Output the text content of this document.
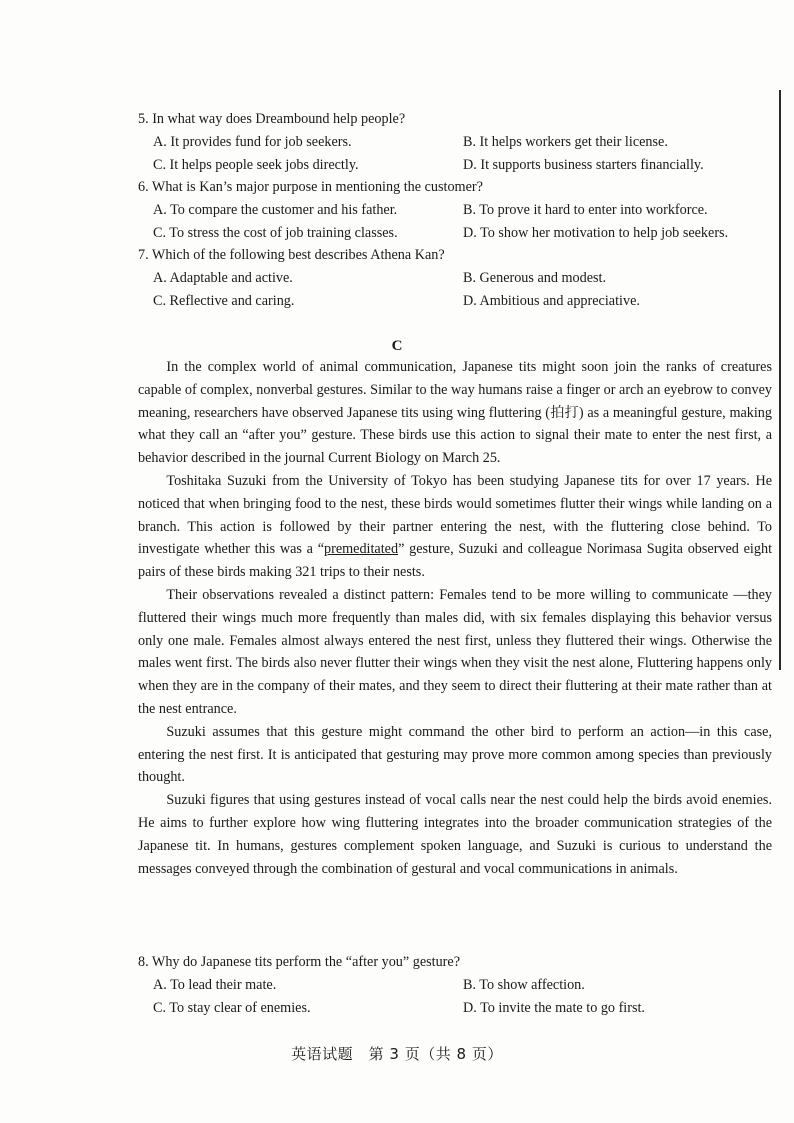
5. In what way does Dreambound help people?
A. It provides fund for job seekers.	B. It helps workers get their license.
C. It helps people seek jobs directly.	D. It supports business starters financially.
6. What is Kan’s major purpose in mentioning the customer?
A. To compare the customer and his father.	B. To prove it hard to enter into workforce.
C. To stress the cost of job training classes.	D. To show her motivation to help job seekers.
7. Which of the following best describes Athena Kan?
A. Adaptable and active.	B. Generous and modest.
C. Reflective and caring.	D. Ambitious and appreciative.
C

In the complex world of animal communication, Japanese tits might soon join the ranks of creatures capable of complex, nonverbal gestures. Similar to the way humans raise a finger or arch an eyebrow to convey meaning, researchers have observed Japanese tits using wing fluttering (拍打) as a meaningful gesture, making what they call an “after you” gesture. These birds use this action to signal their mate to enter the nest first, a behavior described in the journal Current Biology on March 25.

Toshitaka Suzuki from the University of Tokyo has been studying Japanese tits for over 17 years. He noticed that when bringing food to the nest, these birds would sometimes flutter their wings while landing on a branch. This action is followed by their partner entering the nest, with the fluttering close behind. To investigate whether this was a “premeditated” gesture, Suzuki and colleague Norimasa Sugita observed eight pairs of these birds making 321 trips to their nests.

Their observations revealed a distinct pattern: Females tend to be more willing to communicate —they fluttered their wings much more frequently than males did, with six females displaying this behavior versus only one male. Females almost always entered the nest first, unless they fluttered their wings. Otherwise the males went first. The birds also never flutter their wings when they visit the nest alone, Fluttering happens only when they are in the company of their mates, and they seem to direct their fluttering at their mate rather than at the nest entrance.

Suzuki assumes that this gesture might command the other bird to perform an action—in this case, entering the nest first. It is anticipated that gesturing may prove more common among species than previously thought.

Suzuki figures that using gestures instead of vocal calls near the nest could help the birds avoid enemies. He aims to further explore how wing fluttering integrates into the broader communication strategies of the Japanese tit. In humans, gestures complement spoken language, and Suzuki is curious to understand the messages conveyed through the combination of gestural and vocal communications in animals.

8. Why do Japanese tits perform the “after you” gesture?
A. To lead their mate.	B. To show affection.
C. To stay clear of enemies.	D. To invite the mate to go first.
英语试题　第 3 页（共 8 页）
